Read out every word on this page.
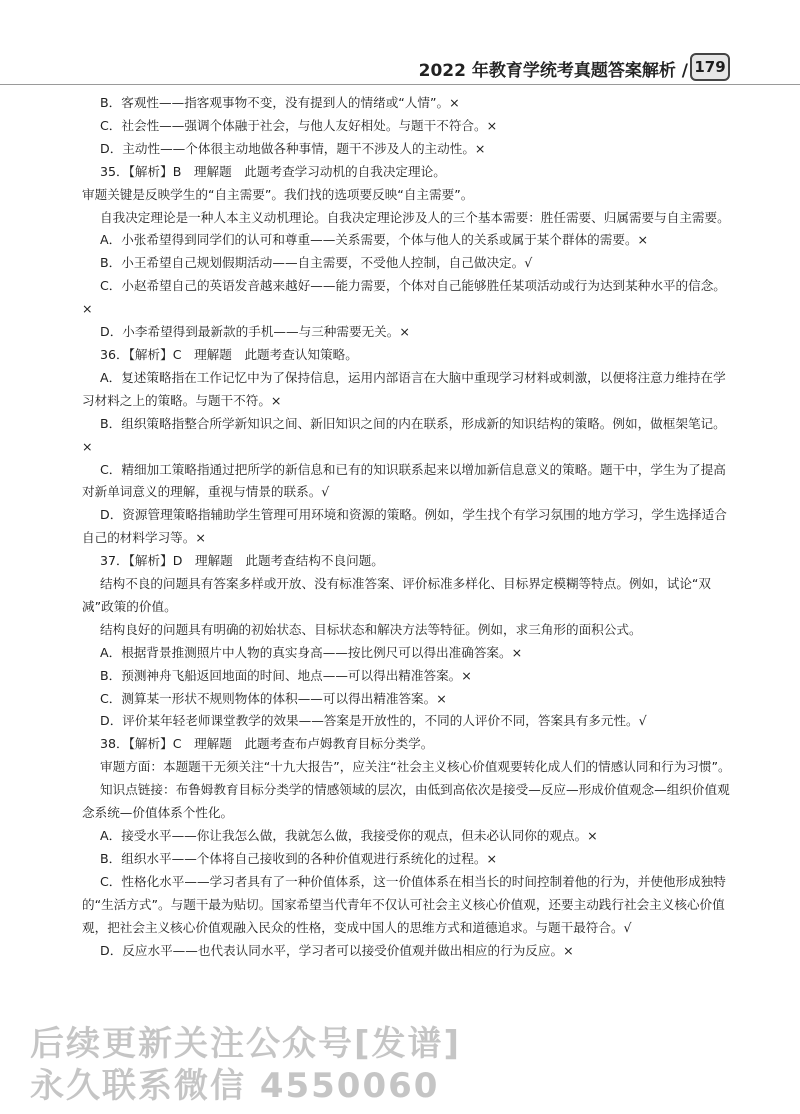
2022 年教育学统考真题答案解析 / 179

B．客观性——指客观事物不变，没有提到人的情绪或“人情”。×

C．社会性——强调个体融于社会，与他人友好相处。与题干不符合。×

D．主动性——个体很主动地做各种事情，题干不涉及人的主动性。×

35．【解析】B　理解题　此题考查学习动机的自我决定理论。

审题关键是反映学生的“自主需要”。我们找的选项要反映“自主需要”。

自我决定理论是一种人本主义动机理论。自我决定理论涉及人的三个基本需要：胜任需要、归属需要与自主需要。

A．小张希望得到同学们的认可和尊重——关系需要，个体与他人的关系或属于某个群体的需要。×

B．小王希望自己规划假期活动——自主需要，不受他人控制，自己做决定。√

C．小赵希望自己的英语发音越来越好——能力需要，个体对自己能够胜任某项活动或行为达到某种水平的信念。×

D．小李希望得到最新款的手机——与三种需要无关。×

36．【解析】C　理解题　此题考查认知策略。

A．复述策略指在工作记忆中为了保持信息，运用内部语言在大脑中重现学习材料或刺激，以便将注意力维持在学习材料之上的策略。与题干不符。×

B．组织策略指整合所学新知识之间、新旧知识之间的内在联系，形成新的知识结构的策略。例如，做框架笔记。×

C．精细加工策略指通过把所学的新信息和已有的知识联系起来以增加新信息意义的策略。题干中，学生为了提高对新单词意义的理解，重视与情景的联系。√

D．资源管理策略指辅助学生管理可用环境和资源的策略。例如，学生找个有学习氛围的地方学习，学生选择适合自己的材料学习等。×

37．【解析】D　理解题　此题考查结构不良问题。

结构不良的问题具有答案多样或开放、没有标准答案、评价标准多样化、目标界定模糊等特点。例如，试论“双减”政策的价值。

结构良好的问题具有明确的初始状态、目标状态和解决方法等特征。例如，求三角形的面积公式。

A．根据背景推测照片中人物的真实身高——按比例尺可以得出准确答案。×

B．预测神舟飞船返回地面的时间、地点——可以得出精准答案。×

C．测算某一形状不规则物体的体积——可以得出精准答案。×

D．评价某年轻老师课堂教学的效果——答案是开放性的，不同的人评价不同，答案具有多元性。√

38．【解析】C　理解题　此题考查布卢姆教育目标分类学。

审题方面：本题题干无须关注“十九大报告”，应关注“社会主义核心价值观要转化成人们的情感认同和行为习惯”。

知识点链接：布鲁姆教育目标分类学的情感领域的层次，由低到高依次是接受—反应—形成价值观念—组织价值观念系统—价值体系个性化。

A．接受水平——你让我怎么做，我就怎么做，我接受你的观点，但未必认同你的观点。×

B．组织水平——个体将自己接收到的各种价值观进行系统化的过程。×

C．性格化水平——学习者具有了一种价值体系，这一价值体系在相当长的时间控制着他的行为，并使他形成独特的“生活方式”。与题干最为贴切。国家希望当代青年不仅认可社会主义核心价值观，还要主动践行社会主义核心价值观，把社会主义核心价值观融入民众的性格，变成中国人的思维方式和道德追求。与题干最符合。√

D．反应水平——也代表认同水平，学习者可以接受价值观并做出相应的行为反应。×

后续更新关注公众号[发谱]
永久联系微信 4550060
